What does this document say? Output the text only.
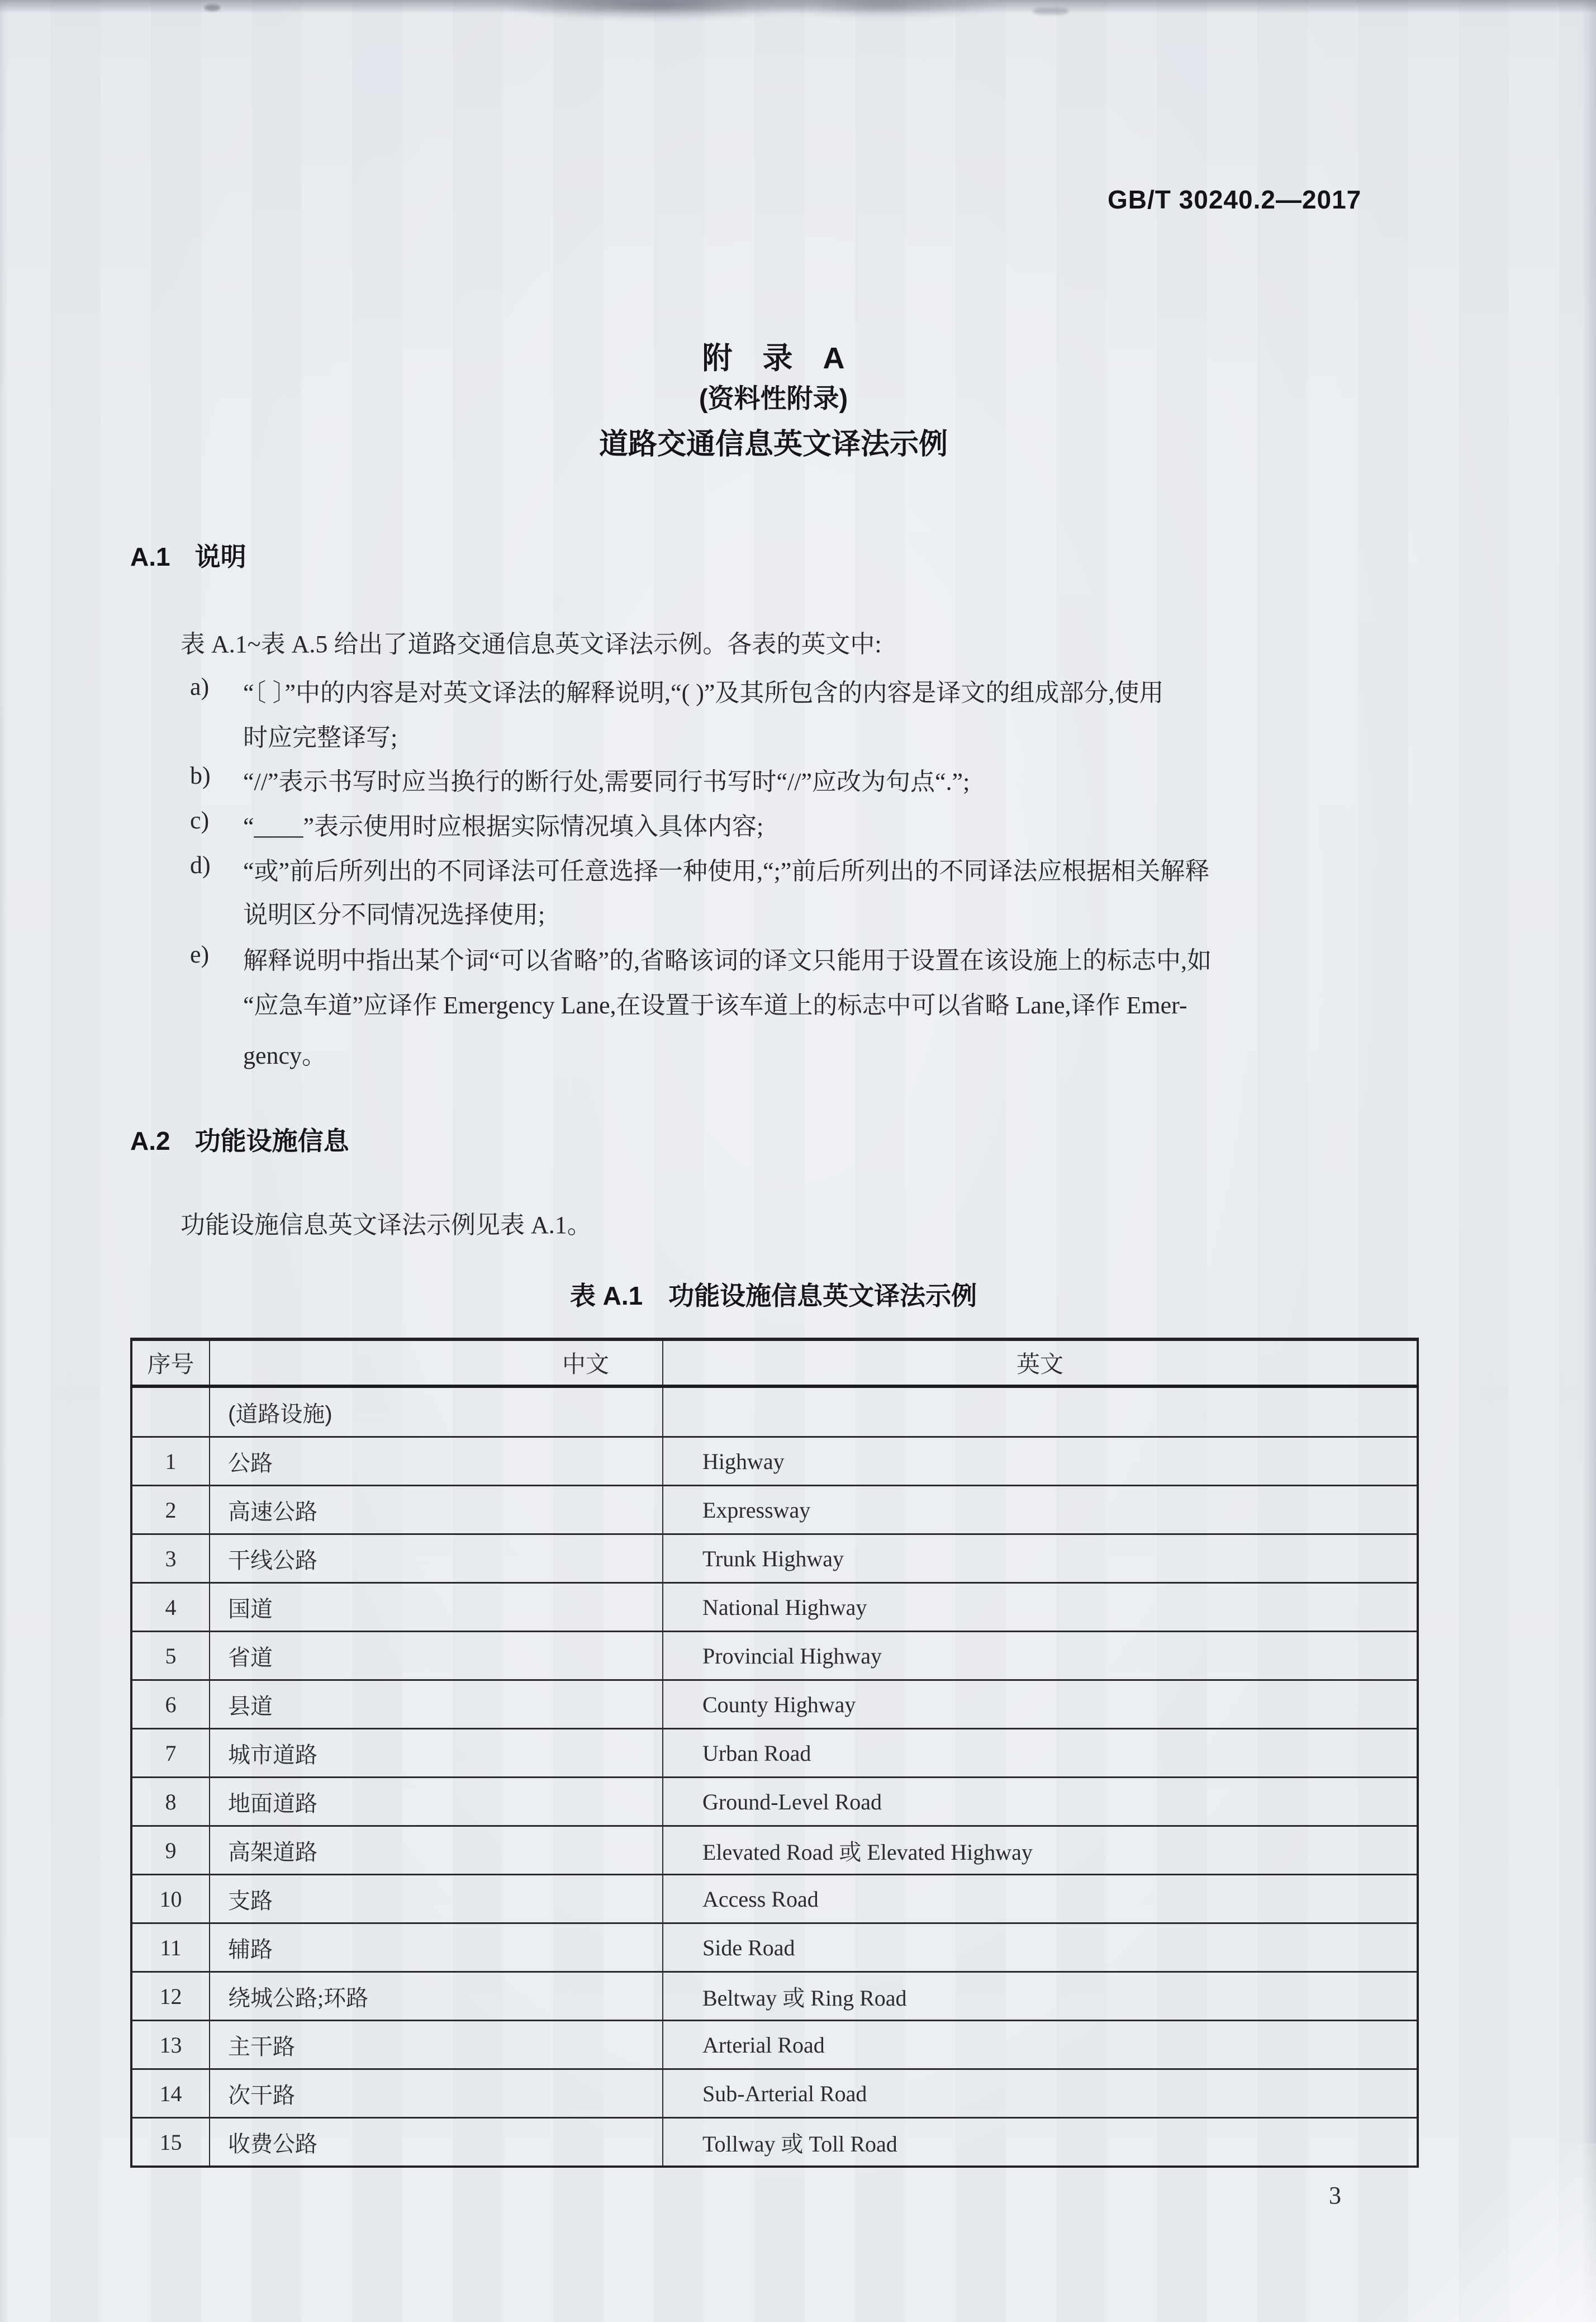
GB/T 30240.2—2017
附　录　A
(资料性附录)
道路交通信息英文译法示例
A.1 说明
表 A.1~表 A.5 给出了道路交通信息英文译法示例。各表的英文中:
a) “〔 〕”中的内容是对英文译法的解释说明,“( )”及其所包含的内容是译文的组成部分,使用
时应完整译写;
b) “//”表示书写时应当换行的断行处,需要同行书写时“//”应改为句点“.”;
c) “____”表示使用时应根据实际情况填入具体内容;
d) “或”前后所列出的不同译法可任意选择一种使用,“;”前后所列出的不同译法应根据相关解释
说明区分不同情况选择使用;
e) 解释说明中指出某个词“可以省略”的,省略该词的译文只能用于设置在该设施上的标志中,如
“应急车道”应译作 Emergency Lane,在设置于该车道上的标志中可以省略 Lane,译作 Emer-
gency。
A.2 功能设施信息
功能设施信息英文译法示例见表 A.1。
表 A.1　功能设施信息英文译法示例
序号	中文	英文
	(道路设施)	
1	公路	Highway
2	高速公路	Expressway
3	干线公路	Trunk Highway
4	国道	National Highway
5	省道	Provincial Highway
6	县道	County Highway
7	城市道路	Urban Road
8	地面道路	Ground-Level Road
9	高架道路	Elevated Road 或 Elevated Highway
10	支路	Access Road
11	辅路	Side Road
12	绕城公路;环路	Beltway 或 Ring Road
13	主干路	Arterial Road
14	次干路	Sub-Arterial Road
15	收费公路	Tollway 或 Toll Road
3
